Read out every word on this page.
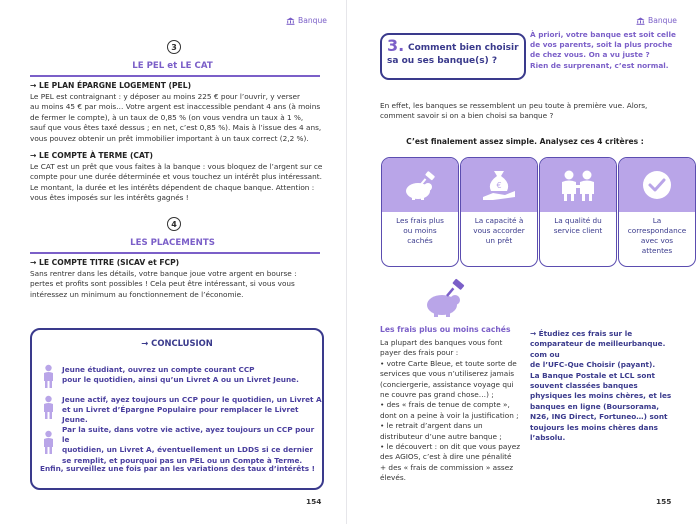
Banque
3
LE PEL et LE CAT
→ LE PLAN ÉPARGNE LOGEMENT (PEL)
Le PEL est contraignant : y déposer au moins 225 € pour l’ouvrir, y verser
au moins 45 € par mois… Votre argent est inaccessible pendant 4 ans (à moins
de fermer le compte), à un taux de 0,85 % (on vous vendra un taux à 1 %,
sauf que vous êtes taxé dessus ; en net, c’est 0,85 %). Mais à l’issue des 4 ans,
vous pouvez obtenir un prêt immobilier important à un taux correct (2,2 %).
→ LE COMPTE À TERME (CAT)
Le CAT est un prêt que vous faites à la banque : vous bloquez de l’argent sur ce
compte pour une durée déterminée et vous touchez un intérêt plus intéressant.
Le montant, la durée et les intérêts dépendent de chaque banque. Attention :
vous êtes imposés sur les intérêts gagnés !
4
LES PLACEMENTS
→ LE COMPTE TITRE (SICAV et FCP)
Sans rentrer dans les détails, votre banque joue votre argent en bourse :
pertes et profits sont possibles ! Cela peut être intéressant, si vous vous
intéressez un minimum au fonctionnement de l’économie.
→ CONCLUSION
Jeune étudiant, ouvrez un compte courant CCP
pour le quotidien, ainsi qu’un Livret A ou un Livret Jeune.
Jeune actif, ayez toujours un CCP pour le quotidien, un Livret A
et un Livret d’Épargne Populaire pour remplacer le Livret Jeune.
Par la suite, dans votre vie active, ayez toujours un CCP pour le
quotidien, un Livret A, éventuellement un LDDS si ce dernier
se remplit, et pourquoi pas un PEL ou un Compte à Terme.
Enfin, surveillez une fois par an les variations des taux d’intérêts !
154
Banque
3. Comment bien choisir
sa ou ses banque(s) ?
À priori, votre banque est soit celle
de vos parents, soit la plus proche
de chez vous. On a vu juste ?
Rien de surprenant, c’est normal.
En effet, les banques se ressemblent un peu toute à première vue. Alors,
comment savoir si on a bien choisi sa banque ?
C’est finalement assez simple. Analysez ces 4 critères :
Les frais plus
ou moins
cachés
€
La capacité à
vous accorder
un prêt
La qualité du
service client
La
correspondance
avec vos
attentes
Les frais plus ou moins cachés
La plupart des banques vous font
payer des frais pour :
• votre Carte Bleue, et toute sorte de
services que vous n’utiliserez jamais
(conciergerie, assistance voyage qui
ne couvre pas grand chose…) ;
• des « frais de tenue de compte »,
dont on a peine à voir la justification ;
• le retrait d’argent dans un
distributeur d’une autre banque ;
• le découvert : on dit que vous payez
des AGIOS, c’est à dire une pénalité
+ des « frais de commission » assez
élevés.
→ Étudiez ces frais sur le
comparateur de meilleurbanque.
com ou
de l’UFC-Que Choisir (payant).
La Banque Postale et LCL sont
souvent classées banques
physiques les moins chères, et les
banques en ligne (Boursorama,
N26, ING Direct, Fortuneo…) sont
toujours les moins chères dans
l’absolu.
155
